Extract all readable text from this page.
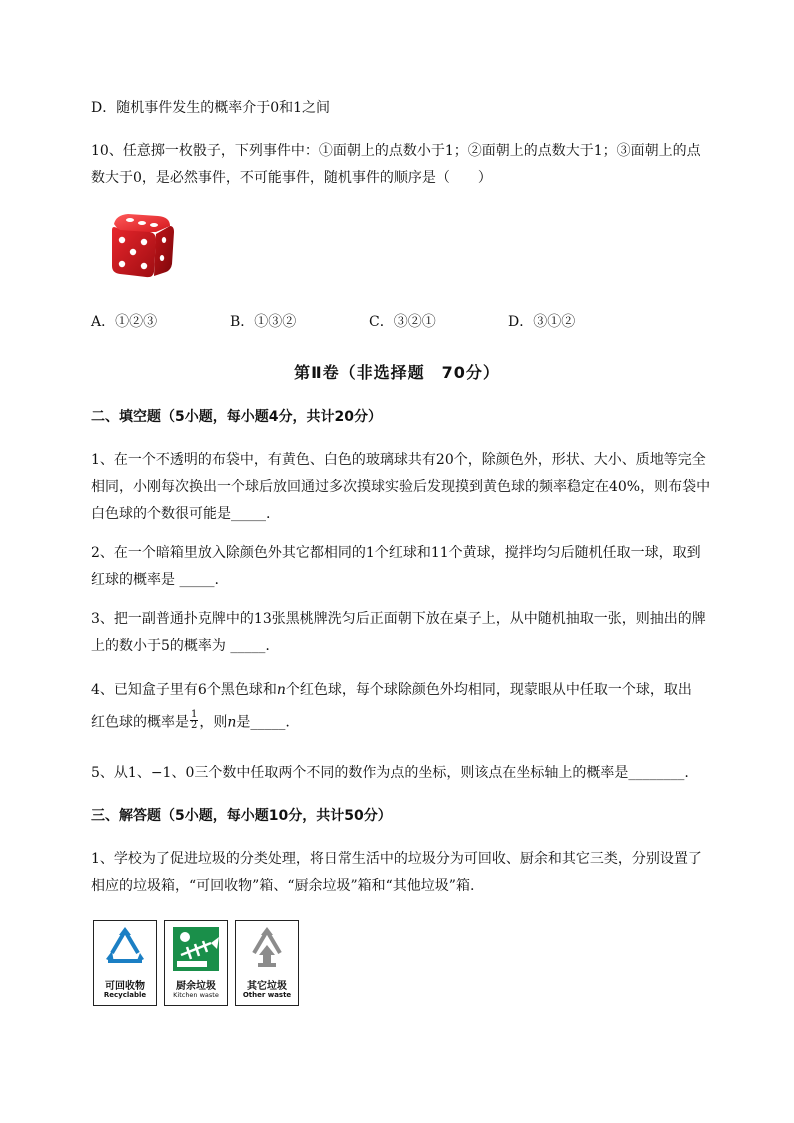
D．随机事件发生的概率介于0和1之间
10、任意掷一枚骰子，下列事件中：①面朝上的点数小于1；②面朝上的点数大于1；③面朝上的点
数大于0，是必然事件，不可能事件，随机事件的顺序是（　　）
A．①②③	B．①③②	C．③②①	D．③①②
第Ⅱ卷（非选择题　70分）
二、填空题（5小题，每小题4分，共计20分）
1、在一个不透明的布袋中，有黄色、白色的玻璃球共有20个，除颜色外，形状、大小、质地等完全
相同，小刚每次换出一个球后放回通过多次摸球实验后发现摸到黄色球的频率稳定在40%，则布袋中
白色球的个数很可能是_____.
2、在一个暗箱里放入除颜色外其它都相同的1个红球和11个黄球，搅拌均匀后随机任取一球，取到
红球的概率是 _____.
3、把一副普通扑克牌中的13张黑桃牌洗匀后正面朝下放在桌子上，从中随机抽取一张，则抽出的牌
上的数小于5的概率为 _____.
4、已知盒子里有6个黑色球和n个红色球，每个球除颜色外均相同，现蒙眼从中任取一个球，取出
红色球的概率是 $\frac{1}{2}$ ，则n是_____.
5、从1、−1、0三个数中任取两个不同的数作为点的坐标，则该点在坐标轴上的概率是________.
三、解答题（5小题，每小题10分，共计50分）
1、学校为了促进垃圾的分类处理，将日常生活中的垃圾分为可回收、厨余和其它三类，分别设置了
相应的垃圾箱，“可回收物”箱、“厨余垃圾”箱和“其他垃圾”箱.
可回收物
Recyclable
厨余垃圾
Kitchen waste
其它垃圾
Other waste
